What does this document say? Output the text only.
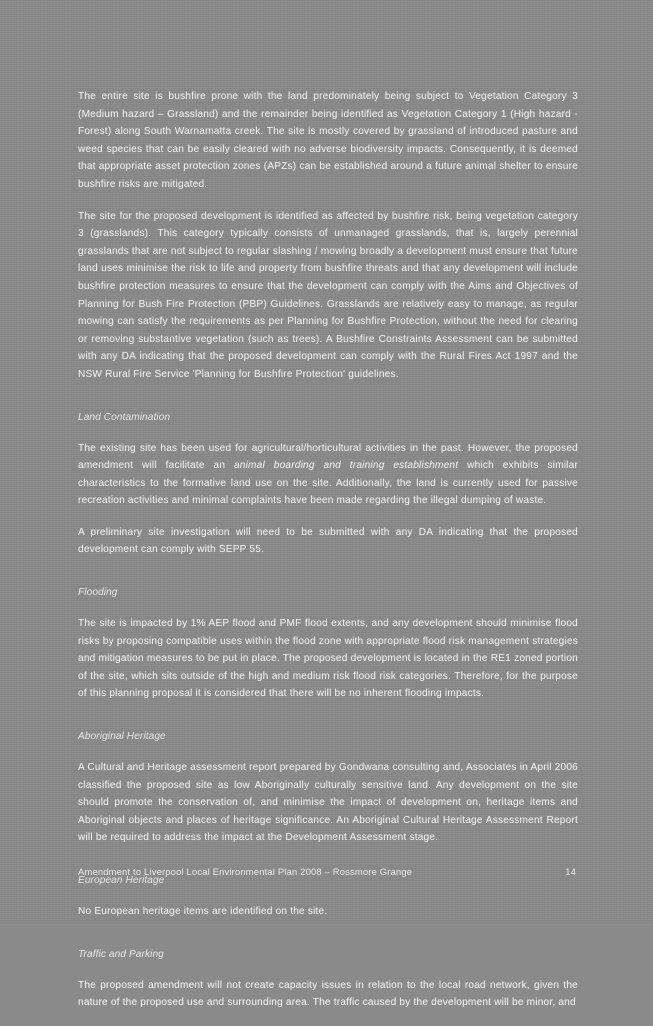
The entire site is bushfire prone with the land predominately being subject to Vegetation Category 3 (Medium hazard – Grassland) and the remainder being identified as Vegetation Category 1 (High hazard - Forest) along South Warnamatta creek. The site is mostly covered by grassland of introduced pasture and weed species that can be easily cleared with no adverse biodiversity impacts. Consequently, it is deemed that appropriate asset protection zones (APZs) can be established around a future animal shelter to ensure bushfire risks are mitigated.

The site for the proposed development is identified as affected by bushfire risk, being vegetation category 3 (grasslands). This category typically consists of unmanaged grasslands, that is, largely perennial grasslands that are not subject to regular slashing / mowing broadly a development must ensure that future land uses minimise the risk to life and property from bushfire threats and that any development will include bushfire protection measures to ensure that the development can comply with the Aims and Objectives of Planning for Bush Fire Protection (PBP) Guidelines. Grasslands are relatively easy to manage, as regular mowing can satisfy the requirements as per Planning for Bushfire Protection, without the need for clearing or removing substantive vegetation (such as trees). A Bushfire Constraints Assessment can be submitted with any DA indicating that the proposed development can comply with the Rural Fires Act 1997 and the NSW Rural Fire Service 'Planning for Bushfire Protection' guidelines.

Land Contamination

The existing site has been used for agricultural/horticultural activities in the past. However, the proposed amendment will facilitate an animal boarding and training establishment which exhibits similar characteristics to the formative land use on the site. Additionally, the land is currently used for passive recreation activities and minimal complaints have been made regarding the illegal dumping of waste.

A preliminary site investigation will need to be submitted with any DA indicating that the proposed development can comply with SEPP 55.

Flooding

The site is impacted by 1% AEP flood and PMF flood extents, and any development should minimise flood risks by proposing compatible uses within the flood zone with appropriate flood risk management strategies and mitigation measures to be put in place. The proposed development is located in the RE1 zoned portion of the site, which sits outside of the high and medium risk flood risk categories. Therefore, for the purpose of this planning proposal it is considered that there will be no inherent flooding impacts.

Aboriginal Heritage

A Cultural and Heritage assessment report prepared by Gondwana consulting and, Associates in April 2006 classified the proposed site as low Aboriginally culturally sensitive land. Any development on the site should promote the conservation of, and minimise the impact of development on, heritage items and Aboriginal objects and places of heritage significance. An Aboriginal Cultural Heritage Assessment Report will be required to address the impact at the Development Assessment stage.

European Heritage

No European heritage items are identified on the site.

Traffic and Parking

The proposed amendment will not create capacity issues in relation to the local road network, given the nature of the proposed use and surrounding area. The traffic caused by the development will be minor, and

Amendment to Liverpool Local Environmental Plan 2008 – Rossmore Grange	14
